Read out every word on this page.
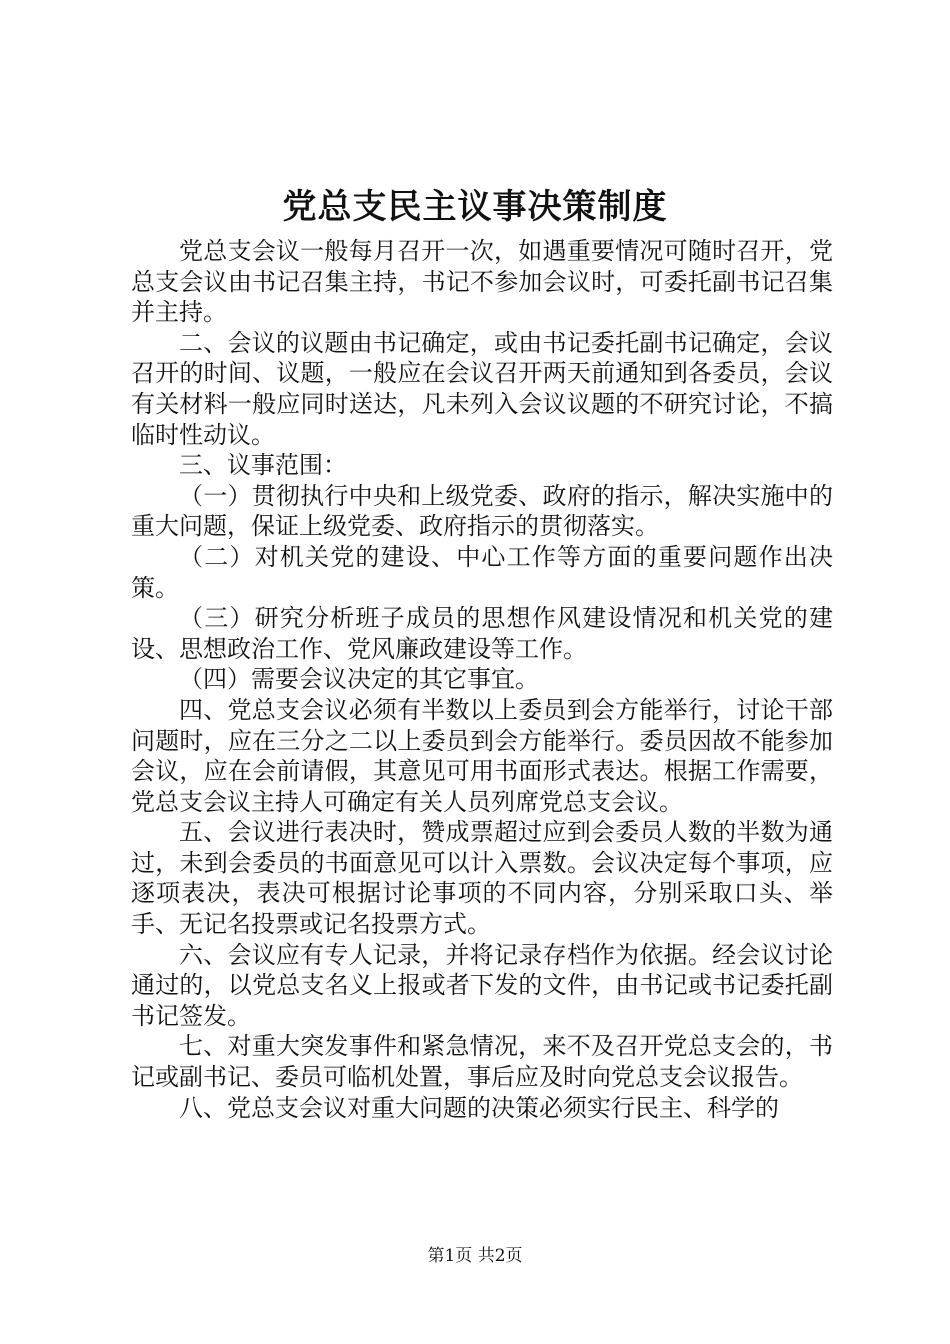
党总支民主议事决策制度

党总支会议一般每月召开一次，如遇重要情况可随时召开，党总支会议由书记召集主持，书记不参加会议时，可委托副书记召集并主持。

二、会议的议题由书记确定，或由书记委托副书记确定，会议召开的时间、议题，一般应在会议召开两天前通知到各委员，会议有关材料一般应同时送达，凡未列入会议议题的不研究讨论，不搞临时性动议。

三、议事范围：

（一）贯彻执行中央和上级党委、政府的指示，解决实施中的重大问题，保证上级党委、政府指示的贯彻落实。

（二）对机关党的建设、中心工作等方面的重要问题作出决策。

（三）研究分析班子成员的思想作风建设情况和机关党的建设、思想政治工作、党风廉政建设等工作。

（四）需要会议决定的其它事宜。

四、党总支会议必须有半数以上委员到会方能举行，讨论干部问题时，应在三分之二以上委员到会方能举行。委员因故不能参加会议，应在会前请假，其意见可用书面形式表达。根据工作需要，党总支会议主持人可确定有关人员列席党总支会议。

五、会议进行表决时，赞成票超过应到会委员人数的半数为通过，未到会委员的书面意见可以计入票数。会议决定每个事项，应逐项表决，表决可根据讨论事项的不同内容，分别采取口头、举手、无记名投票或记名投票方式。

六、会议应有专人记录，并将记录存档作为依据。经会议讨论通过的，以党总支名义上报或者下发的文件，由书记或书记委托副书记签发。

七、对重大突发事件和紧急情况，来不及召开党总支会的，书记或副书记、委员可临机处置，事后应及时向党总支会议报告。

八、党总支会议对重大问题的决策必须实行民主、科学的

第1页 共2页
